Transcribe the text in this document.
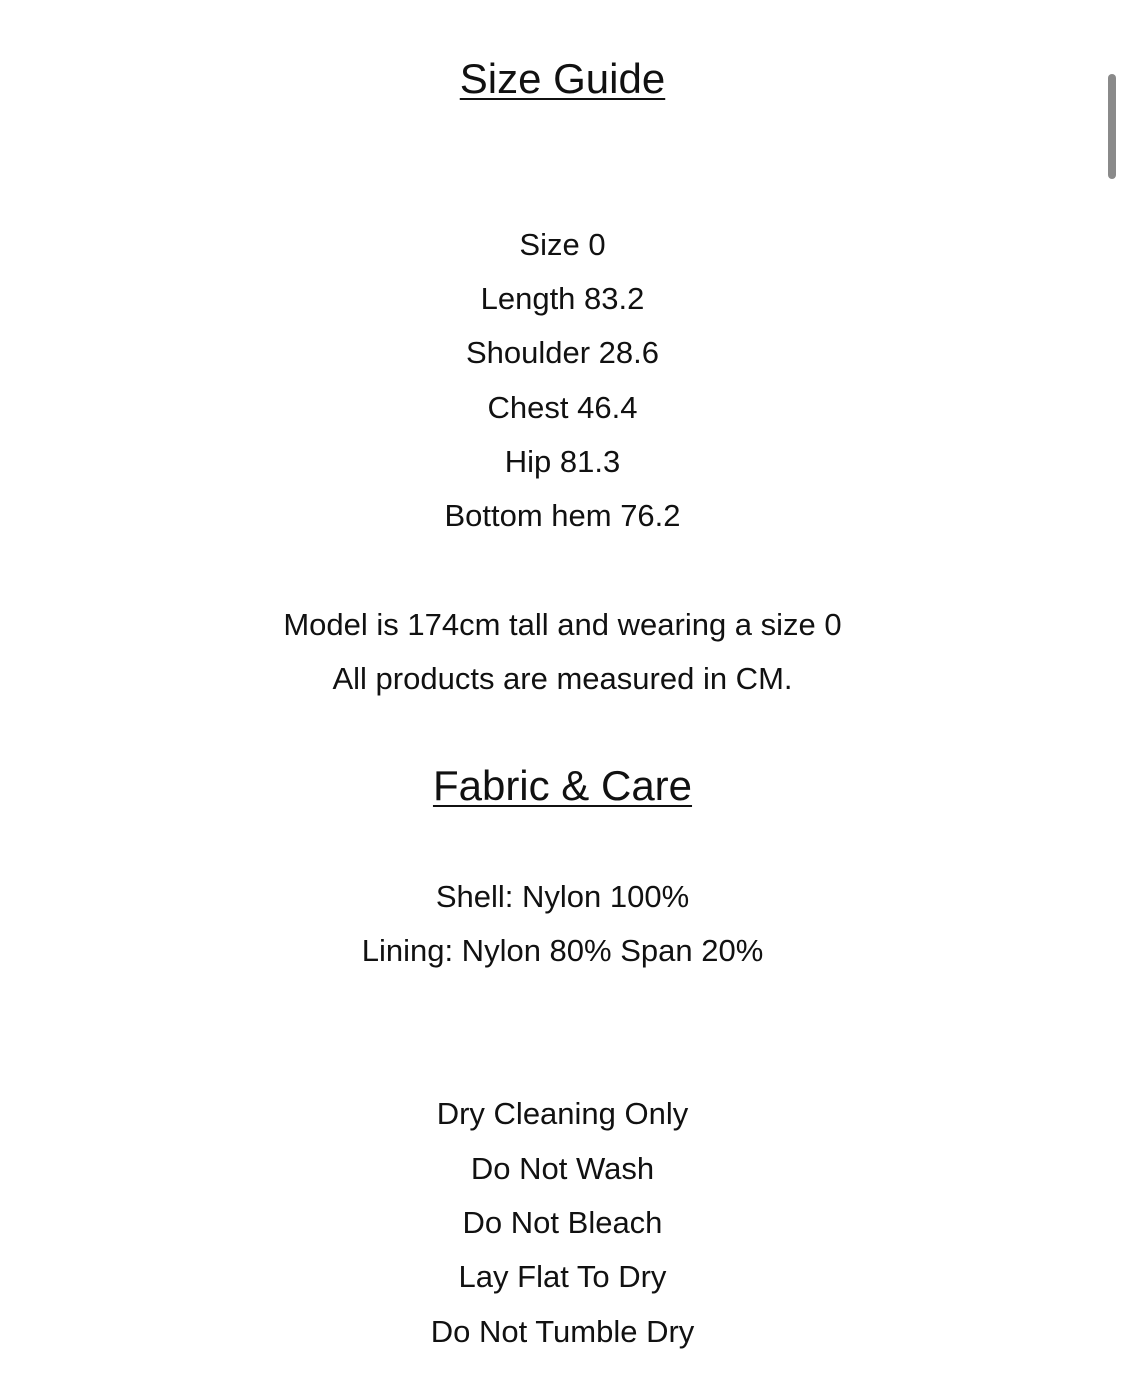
Size Guide
Size 0
Length 83.2
Shoulder 28.6
Chest 46.4
Hip 81.3
Bottom hem 76.2
Model is 174cm tall and wearing a size 0
All products are measured in CM.
Fabric & Care
Shell: Nylon 100%
Lining: Nylon 80% Span 20%
Dry Cleaning Only
Do Not Wash
Do Not Bleach
Lay Flat To Dry
Do Not Tumble Dry
